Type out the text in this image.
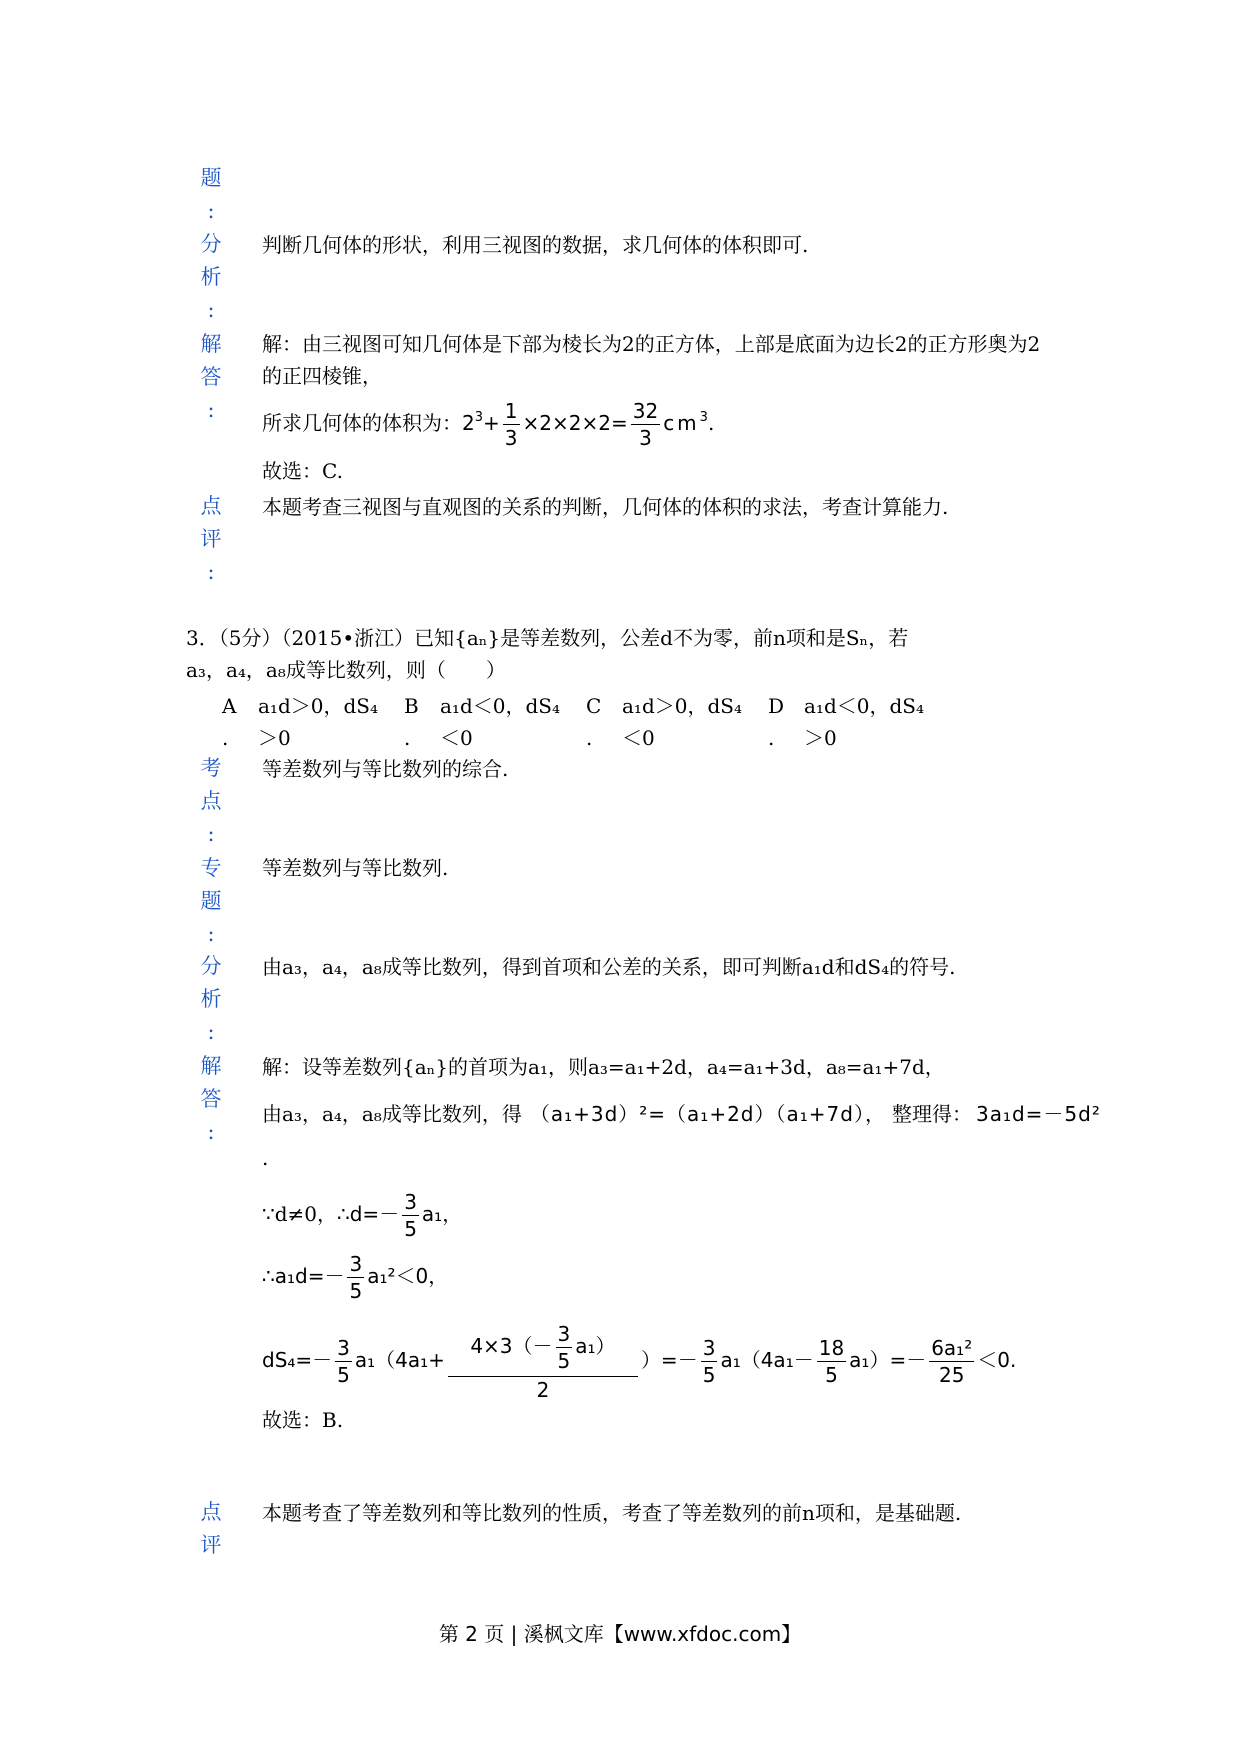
题
:
分
析
:
判断几何体的形状，利用三视图的数据，求几何体的体积即可.
解
答
:
解：由三视图可知几何体是下部为棱长为2的正方体，上部是底面为边长2的正方形奥为2
的正四棱锥，
所求几何体的体积为：$2^3+ \frac{1}{3} \times 2\times 2\times 2= \frac{32}{3} cm^3$.
故选：C.
点
评
:
本题考查三视图与直观图的关系的判断，几何体的体积的求法，考查计算能力.
3．（5分）（2015•浙江）已知{aₙ}是等差数列，公差d不为零，前n项和是Sₙ，若
a₃，a₄，a₈成等比数列，则（　　）
A a₁d＞0，dS₄
. ＞0
B a₁d＜0，dS₄
. ＜0
C a₁d＞0，dS₄
. ＜0
D a₁d＜0，dS₄
. ＞0
考
点
:
等差数列与等比数列的综合.
专
题
:
等差数列与等比数列.
分
析
:
由a₃，a₄，a₈成等比数列，得到首项和公差的关系，即可判断a₁d和dS₄的符号.
解
答
:
解：设等差数列{aₙ}的首项为a₁，则a₃=a₁+2d，a₄=a₁+3d，a₈=a₁+7d，
由a₃，a₄，a₈成等比数列，得 （a₁+3d）²=（a₁+2d）（a₁+7d）， 整理得： 3a₁d=－5d²
.
∵d≠0，∴d=－ $\frac{3}{5} a_1$，
∴a₁d=－ $\frac{3}{5} a_1^2<0$，
$dS_4=- \frac{3}{5} a_1(4a_1+ \frac{4\times 3(- \frac{3}{5} a_1)}{2}$ ）=－ $\frac{3}{5} a_1(4a_1- \frac{18}{5} a_1)=- \frac{\text{6a₁²}}{25} <0$.
故选：B.
点
评
本题考查了等差数列和等比数列的性质，考查了等差数列的前n项和，是基础题.
第 2 页 | 溪枫文库【www.xfdoc.com】
